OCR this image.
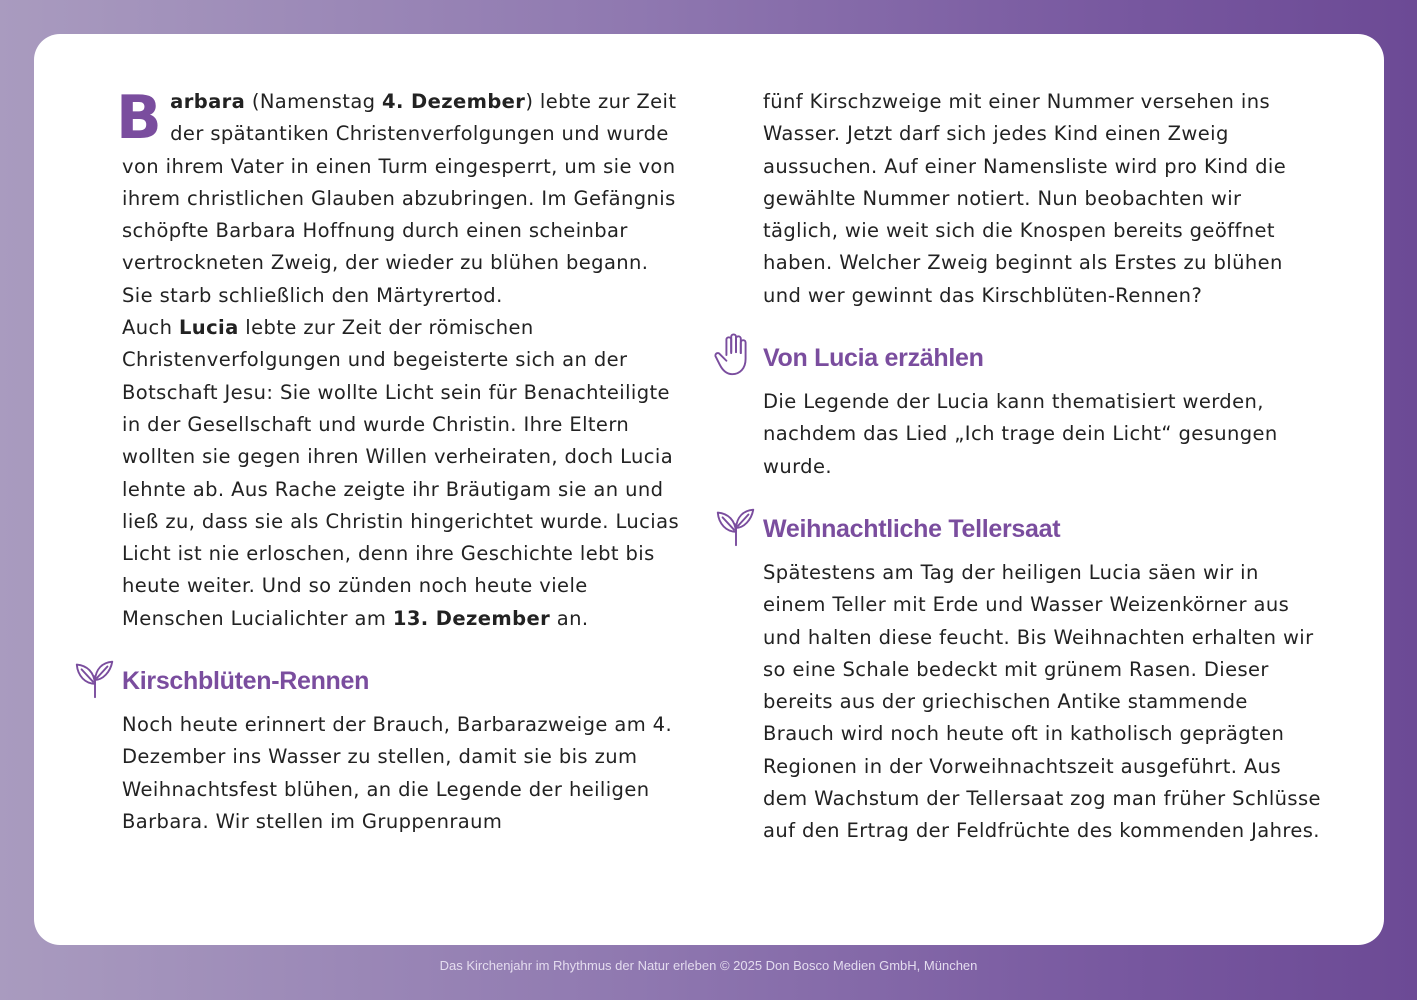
Barbara (Namenstag 4. Dezember) lebte zur Zeit der spätantiken Christenverfolgungen und wurde von ihrem Vater in einen Turm eingesperrt, um sie von ihrem christlichen Glauben abzubringen. Im Gefängnis schöpfte Barbara Hoffnung durch einen scheinbar vertrockneten Zweig, der wieder zu blühen begann. Sie starb schließlich den Märtyrertod.

Auch Lucia lebte zur Zeit der römischen Christenverfolgungen und begeisterte sich an der Botschaft Jesu: Sie wollte Licht sein für Benachteiligte in der Gesellschaft und wurde Christin. Ihre Eltern wollten sie gegen ihren Willen verheiraten, doch Lucia lehnte ab. Aus Rache zeigte ihr Bräutigam sie an und ließ zu, dass sie als Christin hingerichtet wurde. Lucias Licht ist nie erloschen, denn ihre Geschichte lebt bis heute weiter. Und so zünden noch heute viele Menschen Lucialichter am 13. Dezember an.

Kirschblüten-Rennen

Noch heute erinnert der Brauch, Barbarazweige am 4. Dezember ins Wasser zu stellen, damit sie bis zum Weihnachtsfest blühen, an die Legende der heiligen Barbara. Wir stellen im Gruppenraum

fünf Kirschzweige mit einer Nummer versehen ins Wasser. Jetzt darf sich jedes Kind einen Zweig aussuchen. Auf einer Namensliste wird pro Kind die gewählte Nummer notiert. Nun beobachten wir täglich, wie weit sich die Knospen bereits geöffnet haben. Welcher Zweig beginnt als Erstes zu blühen und wer gewinnt das Kirschblüten-Rennen?

Von Lucia erzählen

Die Legende der Lucia kann thematisiert werden, nachdem das Lied „Ich trage dein Licht“ gesungen wurde.

Weihnachtliche Tellersaat

Spätestens am Tag der heiligen Lucia säen wir in einem Teller mit Erde und Wasser Weizenkörner aus und halten diese feucht. Bis Weihnachten erhalten wir so eine Schale bedeckt mit grünem Rasen. Dieser bereits aus der griechischen Antike stammende Brauch wird noch heute oft in katholisch geprägten Regionen in der Vorweihnachtszeit ausgeführt. Aus dem Wachstum der Tellersaat zog man früher Schlüsse auf den Ertrag der Feldfrüchte des kommenden Jahres.

Das Kirchenjahr im Rhythmus der Natur erleben © 2025 Don Bosco Medien GmbH, München
